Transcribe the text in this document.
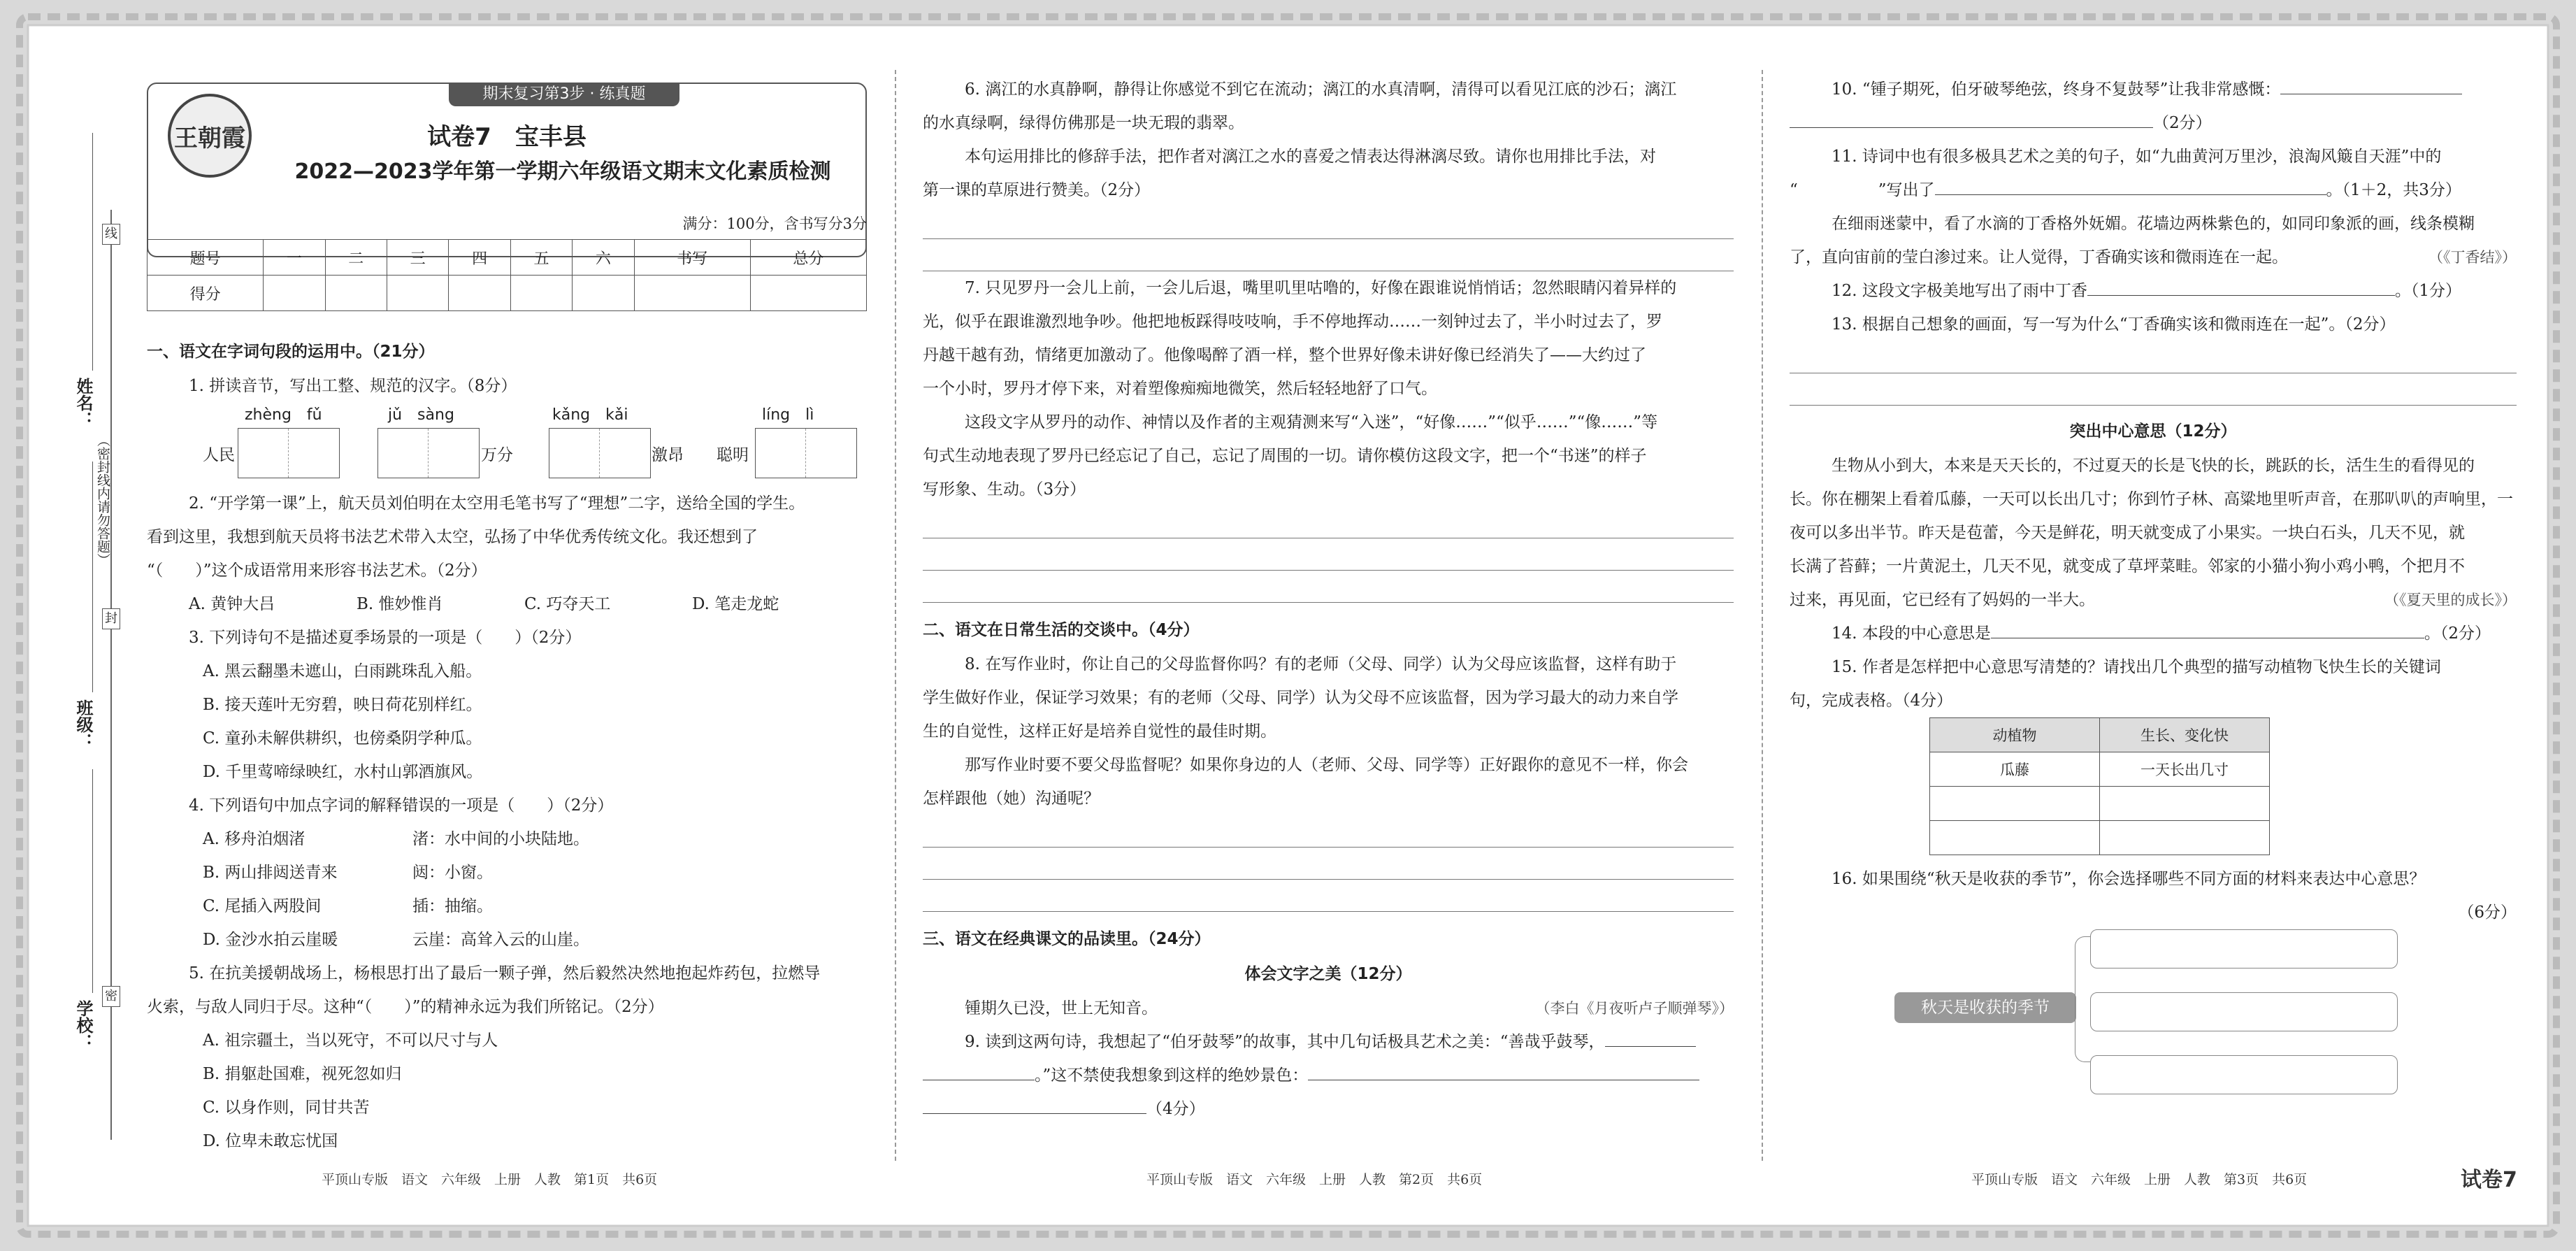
线
封
密
姓名：
（密封线内请勿答题）
班级：
学校：
王朝霞
期末复习第3步 · 练真题
试卷7　宝丰县
2022—2023学年第一学期六年级语文期末文化素质检测
满分：100分，含书写分3分
题号	一	二	三	四	五	六	书写	总分
得分								

一、语文在字词句段的运用中。（21分）

1. 拼读音节，写出工整、规范的汉字。（8分）

zhèng　fǔ
人民
jǔ　sàng
万分
kǎng　kǎi
激昂 聪明
líng　lì

2. “开学第一课”上，航天员刘伯明在太空用毛笔书写了“理想”二字，送给全国的学生。

看到这里，我想到航天员将书法艺术带入太空，弘扬了中华优秀传统文化。我还想到了

“（　　）”这个成语常用来形容书法艺术。（2分）

A. 黄钟大吕	B. 惟妙惟肖	C. 巧夺天工	D. 笔走龙蛇

3. 下列诗句不是描述夏季场景的一项是（　　）（2分）

A. 黑云翻墨未遮山，白雨跳珠乱入船。

B. 接天莲叶无穷碧，映日荷花别样红。

C. 童孙未解供耕织，也傍桑阴学种瓜。

D. 千里莺啼绿映红，水村山郭酒旗风。

4. 下列语句中加点字词的解释错误的一项是（　　）（2分）

A. 移舟泊烟渚	渚：水中间的小块陆地。
B. 两山排闼送青来	闼：小窗。
C. 尾插入两股间	插：抽缩。
D. 金沙水拍云崖暖	云崖：高耸入云的山崖。

5. 在抗美援朝战场上，杨根思打出了最后一颗子弹，然后毅然决然地抱起炸药包，拉燃导

火索，与敌人同归于尽。这种“（　　）”的精神永远为我们所铭记。（2分）

A. 祖宗疆土，当以死守，不可以尺寸与人

B. 捐躯赴国难，视死忽如归

C. 以身作则，同甘共苦

D. 位卑未敢忘忧国

平顶山专版　语文　六年级　上册　人教　第1页　共6页

6. 漓江的水真静啊，静得让你感觉不到它在流动；漓江的水真清啊，清得可以看见江底的沙石；漓江

的水真绿啊，绿得仿佛那是一块无瑕的翡翠。

本句运用排比的修辞手法，把作者对漓江之水的喜爱之情表达得淋漓尽致。请你也用排比手法，对

第一课的草原进行赞美。（2分）

7. 只见罗丹一会儿上前，一会儿后退，嘴里叽里咕噜的，好像在跟谁说悄悄话；忽然眼睛闪着异样的

光，似乎在跟谁激烈地争吵。他把地板踩得吱吱响，手不停地挥动……一刻钟过去了，半小时过去了，罗

丹越干越有劲，情绪更加激动了。他像喝醉了酒一样，整个世界好像未讲好像已经消失了——大约过了

一个小时，罗丹才停下来，对着塑像痴痴地微笑，然后轻轻地舒了口气。

这段文字从罗丹的动作、神情以及作者的主观猜测来写“入迷”，“好像……”“似乎……”“像……”等

句式生动地表现了罗丹已经忘记了自己，忘记了周围的一切。请你模仿这段文字，把一个“书迷”的样子

写形象、生动。（3分）

二、语文在日常生活的交谈中。（4分）

8. 在写作业时，你让自己的父母监督你吗？有的老师（父母、同学）认为父母应该监督，这样有助于

学生做好作业，保证学习效果；有的老师（父母、同学）认为父母不应该监督，因为学习最大的动力来自学

生的自觉性，这样正好是培养自觉性的最佳时期。

那写作业时要不要父母监督呢？如果你身边的人（老师、父母、同学等）正好跟你的意见不一样，你会

怎样跟他（她）沟通呢？

三、语文在经典课文的品读里。（24分）

体会文字之美（12分）

锺期久已没，世上无知音。	（李白《月夜听卢子顺弹琴》）

9. 读到这两句诗，我想起了“伯牙鼓琴”的故事，其中几句话极具艺术之美：“善哉乎鼓琴，

。”这不禁使我想象到这样的绝妙景色：

（4分）

平顶山专版　语文　六年级　上册　人教　第2页　共6页

10. “锺子期死，伯牙破琴绝弦，终身不复鼓琴”让我非常感慨：

（2分）

11. 诗词中也有很多极具艺术之美的句子，如“九曲黄河万里沙，浪淘风簸自天涯”中的

“　　　　　”写出了	。（1＋2，共3分）

在细雨迷蒙中，看了水滴的丁香格外妩媚。花墙边两株紫色的，如同印象派的画，线条模糊

了，直向宙前的莹白渗过来。让人觉得，丁香确实该和微雨连在一起。	（《丁香结》）

12. 这段文字极美地写出了雨中丁香	。（1分）

13. 根据自己想象的画面，写一写为什么“丁香确实该和微雨连在一起”。（2分）

突出中心意思（12分）

生物从小到大，本来是天天长的，不过夏天的长是飞快的长，跳跃的长，活生生的看得见的

长。你在棚架上看着瓜藤，一天可以长出几寸；你到竹子林、高粱地里听声音，在那叭叭的声响里，一

夜可以多出半节。昨天是苞蕾，今天是鲜花，明天就变成了小果实。一块白石头，几天不见，就

长满了苔藓；一片黄泥土，几天不见，就变成了草坪菜畦。邻家的小猫小狗小鸡小鸭，个把月不

过来，再见面，它已经有了妈妈的一半大。	（《夏天里的成长》）

14. 本段的中心意思是	。（2分）

15. 作者是怎样把中心意思写清楚的？请找出几个典型的描写动植物飞快生长的关键词

句，完成表格。（4分）

动植物	生长、变化快
瓜藤	一天长出几寸

16. 如果围绕“秋天是收获的季节”，你会选择哪些不同方面的材料来表达中心意思？

（6分）

秋天是收获的季节
平顶山专版　语文　六年级　上册　人教　第3页　共6页	试卷7
